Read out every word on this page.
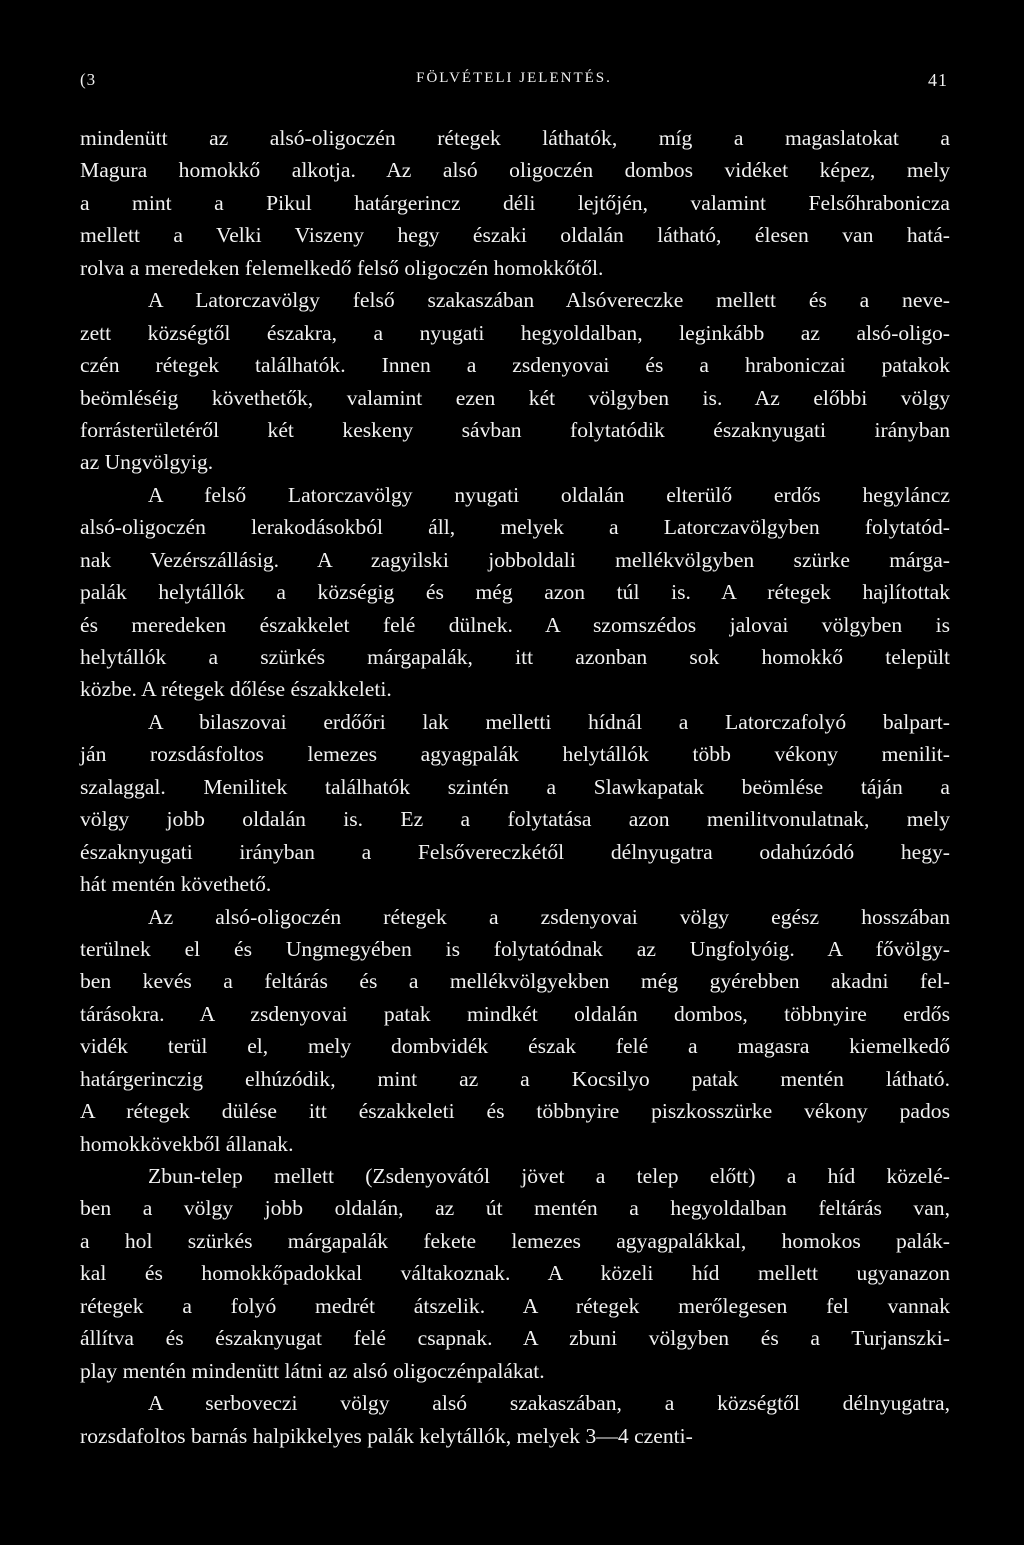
(3	FÖLVÉTELI JELENTÉS.	41
mindenütt az alsó-oligoczén rétegek láthatók, míg a magaslatokat a
Magura homokkő alkotja. Az alsó oligoczén dombos vidéket képez, mely
a mint a Pikul határgerincz déli lejtőjén, valamint Felsőhrabonicza
mellett a Velki Viszeny hegy északi oldalán látható, élesen van hatá-
rolva a meredeken felemelkedő felső oligoczén homokkőtől.
A Latorczavölgy felső szakaszában Alsóvereczke mellett és a neve-
zett községtől északra, a nyugati hegyoldalban, leginkább az alsó-oligo-
czén rétegek találhatók. Innen a zsdenyovai és a hraboniczai patakok
beömléséig követhetők, valamint ezen két völgyben is. Az előbbi völgy
forrásterületéről két keskeny sávban folytatódik északnyugati irányban
az Ungvölgyig.
A felső Latorczavölgy nyugati oldalán elterülő erdős hegyláncz
alsó-oligoczén lerakodásokból áll, melyek a Latorczavölgyben folytatód-
nak Vezérszállásig. A zagyilski jobboldali mellékvölgyben szürke márga-
palák helytállók a községig és még azon túl is. A rétegek hajlítottak
és meredeken északkelet felé dülnek. A szomszédos jalovai völgyben is
helytállók a szürkés márgapalák, itt azonban sok homokkő települt
közbe. A rétegek dőlése északkeleti.
A bilaszovai erdőőri lak melletti hídnál a Latorczafolyó balpart-
ján rozsdásfoltos lemezes agyagpalák helytállók több vékony menilit-
szalaggal. Menilitek találhatók szintén a Slawkapatak beömlése táján a
völgy jobb oldalán is. Ez a folytatása azon menilitvonulatnak, mely
északnyugati irányban a Felsővereczkétől délnyugatra odahúzódó hegy-
hát mentén követhető.
Az alsó-oligoczén rétegek a zsdenyovai völgy egész hosszában
terülnek el és Ungmegyében is folytatódnak az Ungfolyóig. A fővölgy-
ben kevés a feltárás és a mellékvölgyekben még gyérebben akadni fel-
tárásokra. A zsdenyovai patak mindkét oldalán dombos, többnyire erdős
vidék terül el, mely dombvidék észak felé a magasra kiemelkedő
határgerinczig elhúzódik, mint az a Kocsilyo patak mentén látható.
A rétegek dülése itt északkeleti és többnyire piszkosszürke vékony pados
homokkövekből állanak.
Zbun-telep mellett (Zsdenyovától jövet a telep előtt) a híd közelé-
ben a völgy jobb oldalán, az út mentén a hegyoldalban feltárás van,
a hol szürkés márgapalák fekete lemezes agyagpalákkal, homokos palák-
kal és homokkőpadokkal váltakoznak. A közeli híd mellett ugyanazon
rétegek a folyó medrét átszelik. A rétegek merőlegesen fel vannak
állítva és északnyugat felé csapnak. A zbuni völgyben és a Turjanszki-
play mentén mindenütt látni az alsó oligoczénpalákat.
A serboveczi völgy alsó szakaszában, a községtől délnyugatra,
rozsdafoltos barnás halpikkelyes palák kelytállók, melyek 3—4 czenti-
